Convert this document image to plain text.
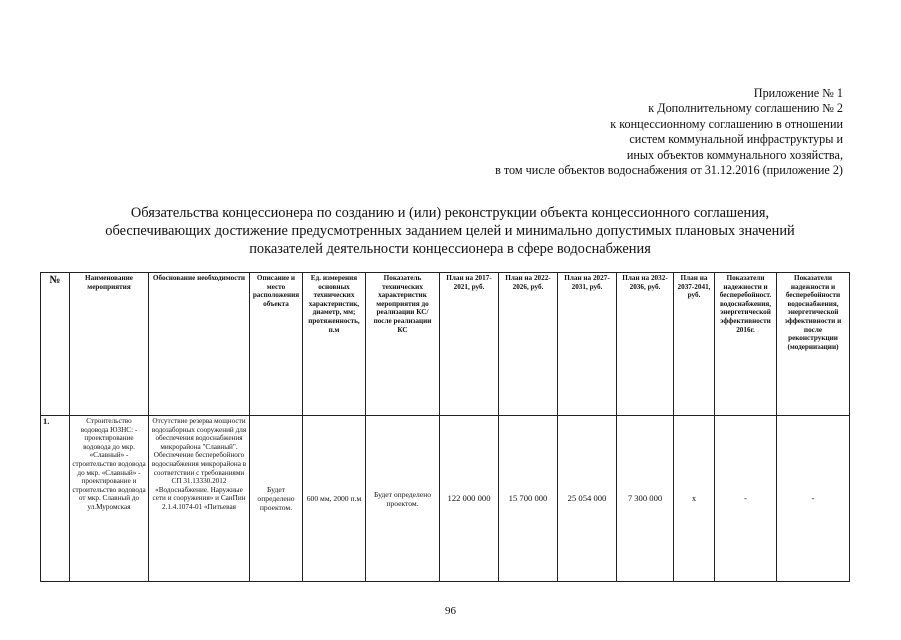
Приложение № 1
к Дополнительному соглашению № 2
к концессионному соглашению в отношении
систем коммунальной инфраструктуры и
иных объектов коммунального хозяйства,
в том числе объектов водоснабжения от 31.12.2016 (приложение 2)
Обязательства концессионера по созданию и (или) реконструкции объекта концессионного соглашения,
обеспечивающих достижение предусмотренных заданием целей и минимально допустимых плановых значений
показателей деятельности концессионера в сфере водоснабжения
№	Наименование мероприятия	Обоснование необходимости	Описание и место расположения объекта	Ед. измерения основных технических характеристик, диаметр, мм; протяженность, п.м	Показатель технических характеристик мероприятия до реализации КС/ после реализации КС	План на 2017-2021, руб.	План на 2022-2026, руб.	План на 2027-2031, руб.	План на 2032-2036, руб.	План на 2037-2041, руб.	Показатели надежности и бесперебойност. водоснабжения, энергетической эффективности 2016г.	Показатели надежности и бесперебойности водоснабжения, энергетической эффективности и после реконструкции (модернизации)
1.	Строительство водовода ЮЗНС: - проектирование водовода до мкр. «Славный» - строительство водовода до мкр. «Славный» - проектирование и строительство водовода от мкр. Славный до ул.Муромская	Отсутствие резерва мощности водозаборных сооружений для обеспечения водоснабжения микрорайона "Славный". Обеспечение бесперебойного водоснабжения микрорайона в соответствии с требованиями СП 31.13330.2012 «Водоснабжение. Наружные сети и сооружения» и СанПин 2.1.4.1074-01 «Питьевая	Будет определено проектом.	600 мм, 2000 п.м	Будет определено проектом.	122 000 000	15 700 000	25 054 000	7 300 000	х	-	-
96
